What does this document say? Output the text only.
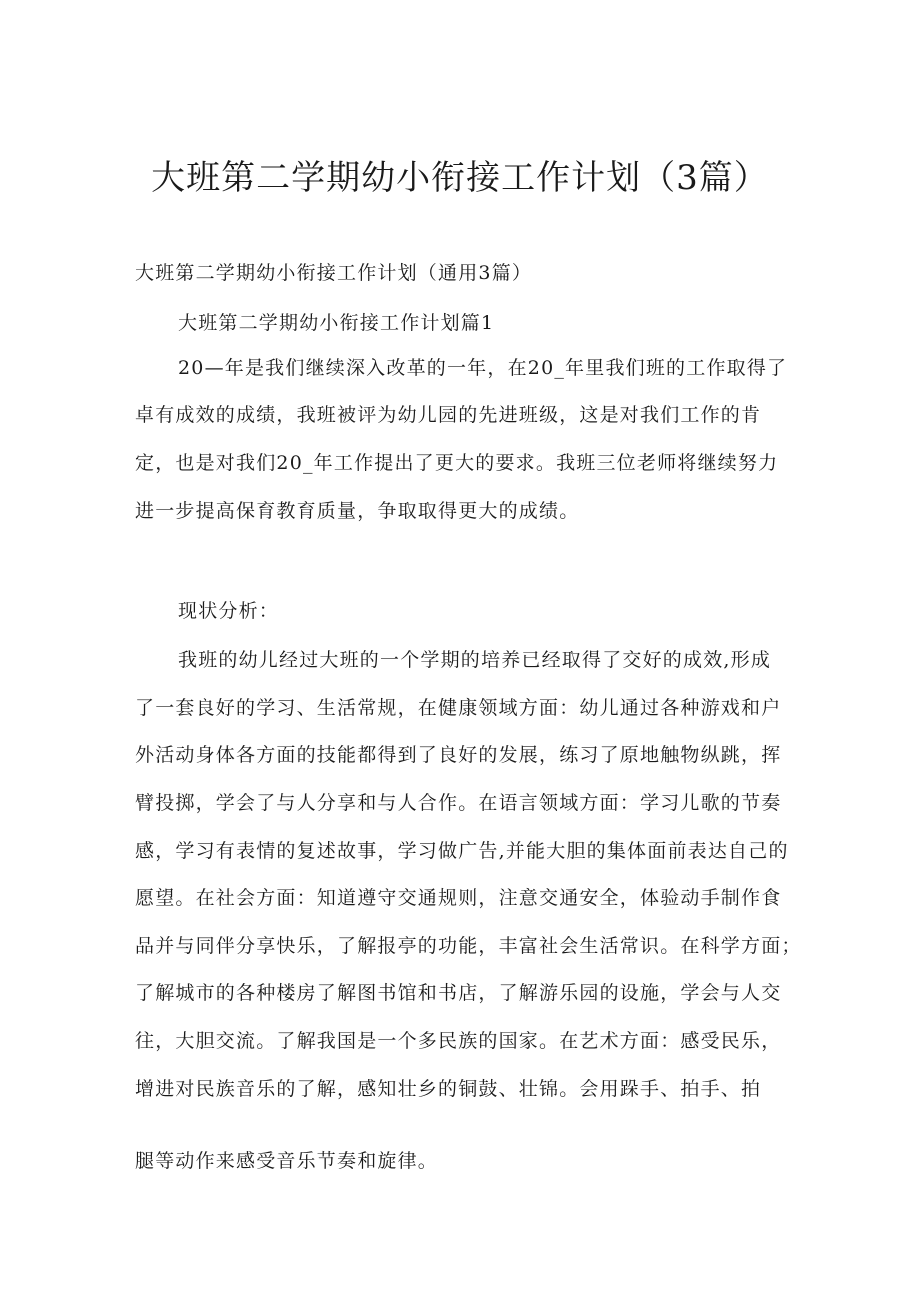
大班第二学期幼小衔接工作计划（3篇）
大班第二学期幼小衔接工作计划（通用3篇）
大班第二学期幼小衔接工作计划篇1
20—年是我们继续深入改革的一年，在20_年里我们班的工作取得了
卓有成效的成绩，我班被评为幼儿园的先进班级，这是对我们工作的肯
定，也是对我们20_年工作提出了更大的要求。我班三位老师将继续努力
进一步提高保育教育质量，争取取得更大的成绩。
现状分析：
我班的幼儿经过大班的一个学期的培养已经取得了交好的成效,形成
了一套良好的学习、生活常规，在健康领域方面：幼儿通过各种游戏和户
外活动身体各方面的技能都得到了良好的发展，练习了原地触物纵跳，挥
臂投掷，学会了与人分享和与人合作。在语言领域方面：学习儿歌的节奏
感，学习有表情的复述故事，学习做广告,并能大胆的集体面前表达自己的
愿望。在社会方面：知道遵守交通规则，注意交通安全，体验动手制作食
品并与同伴分享快乐，了解报亭的功能，丰富社会生活常识。在科学方面；
了解城市的各种楼房了解图书馆和书店，了解游乐园的设施，学会与人交
往，大胆交流。了解我国是一个多民族的国家。在艺术方面：感受民乐，
增进对民族音乐的了解，感知壮乡的铜鼓、壮锦。会用跺手、拍手、拍
腿等动作来感受音乐节奏和旋律。
